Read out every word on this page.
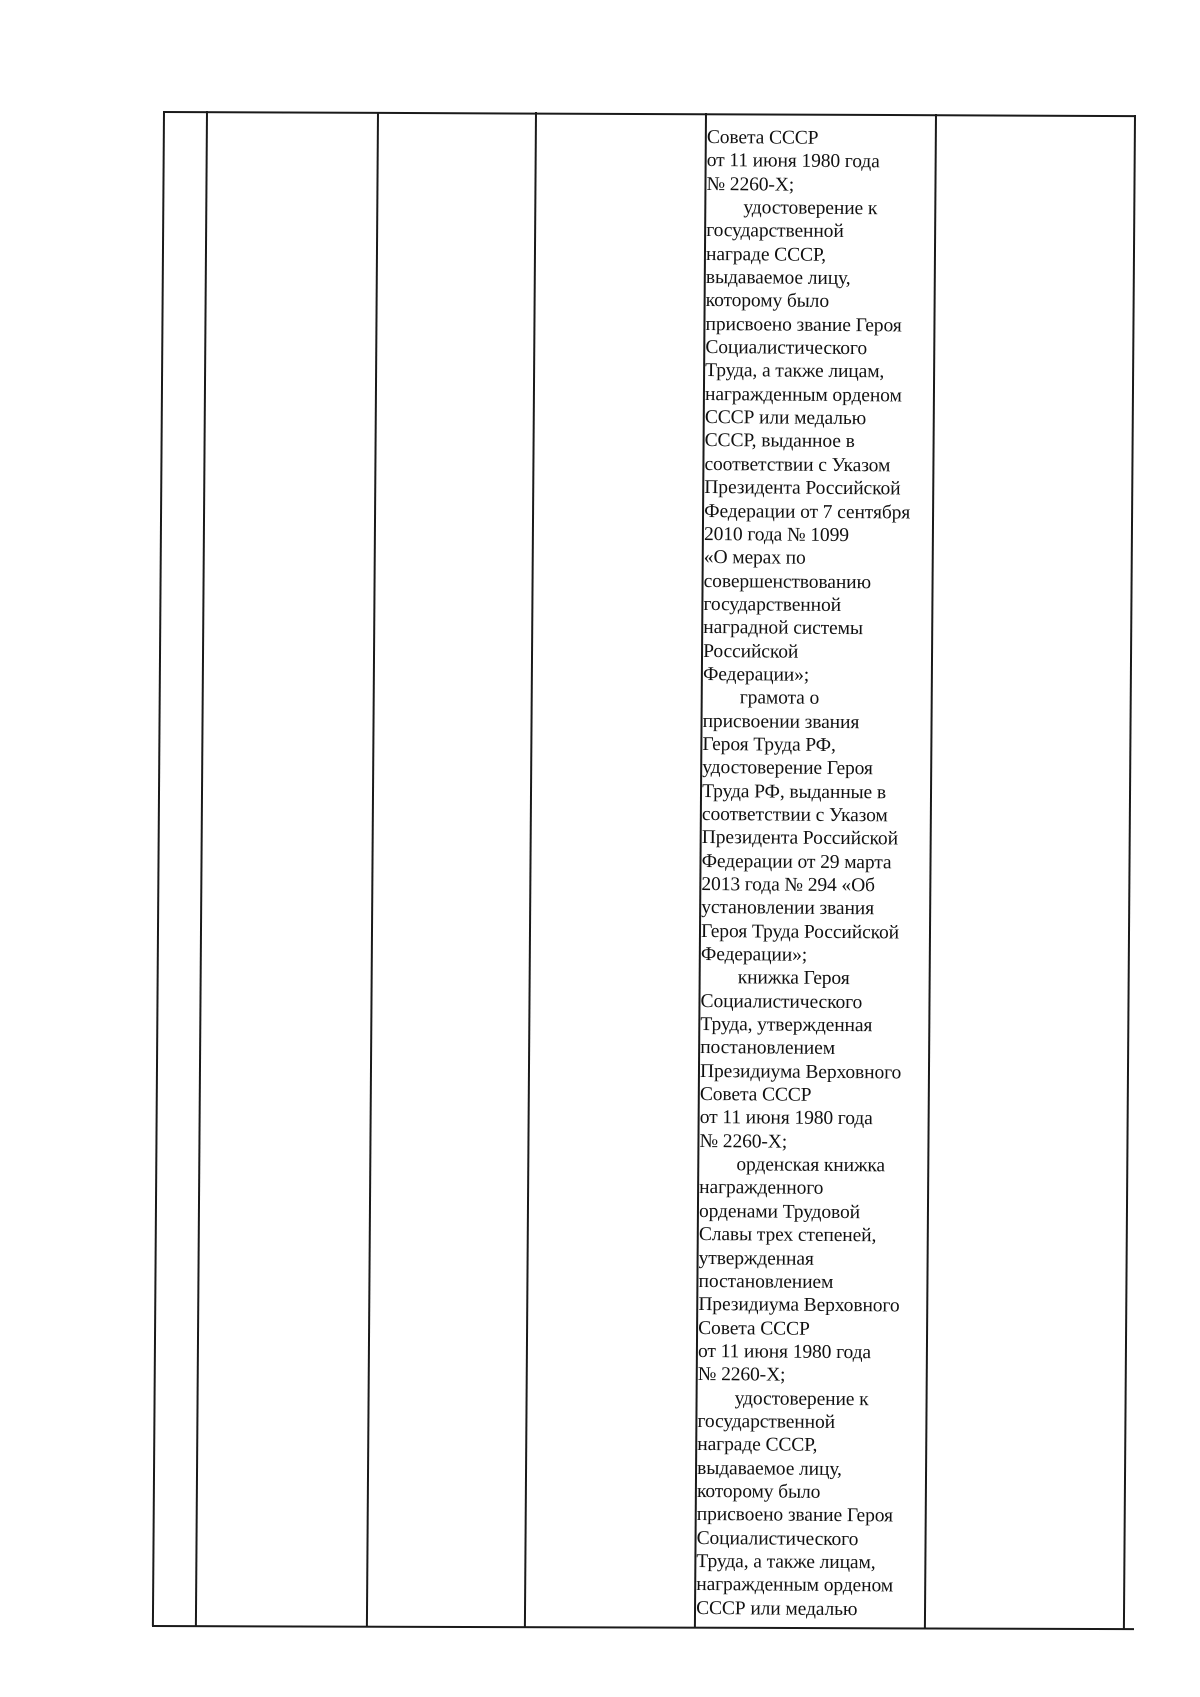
Совета СССР
от 11 июня 1980 года
№ 2260-Х;
удостоверение к
государственной
награде СССР,
выдаваемое лицу,
которому было
присвоено звание Героя
Социалистического
Труда, а также лицам,
награжденным орденом
СССР или медалью
СССР, выданное в
соответствии с Указом
Президента Российской
Федерации от 7 сентября
2010 года № 1099
«О мерах по
совершенствованию
государственной
наградной системы
Российской
Федерации»;
грамота о
присвоении звания
Героя Труда РФ,
удостоверение Героя
Труда РФ, выданные в
соответствии с Указом
Президента Российской
Федерации от 29 марта
2013 года № 294 «Об
установлении звания
Героя Труда Российской
Федерации»;
книжка Героя
Социалистического
Труда, утвержденная
постановлением
Президиума Верховного
Совета СССР
от 11 июня 1980 года
№ 2260-Х;
орденская книжка
награжденного
орденами Трудовой
Славы трех степеней,
утвержденная
постановлением
Президиума Верховного
Совета СССР
от 11 июня 1980 года
№ 2260-Х;
удостоверение к
государственной
награде СССР,
выдаваемое лицу,
которому было
присвоено звание Героя
Социалистического
Труда, а также лицам,
награжденным орденом
СССР или медалью
